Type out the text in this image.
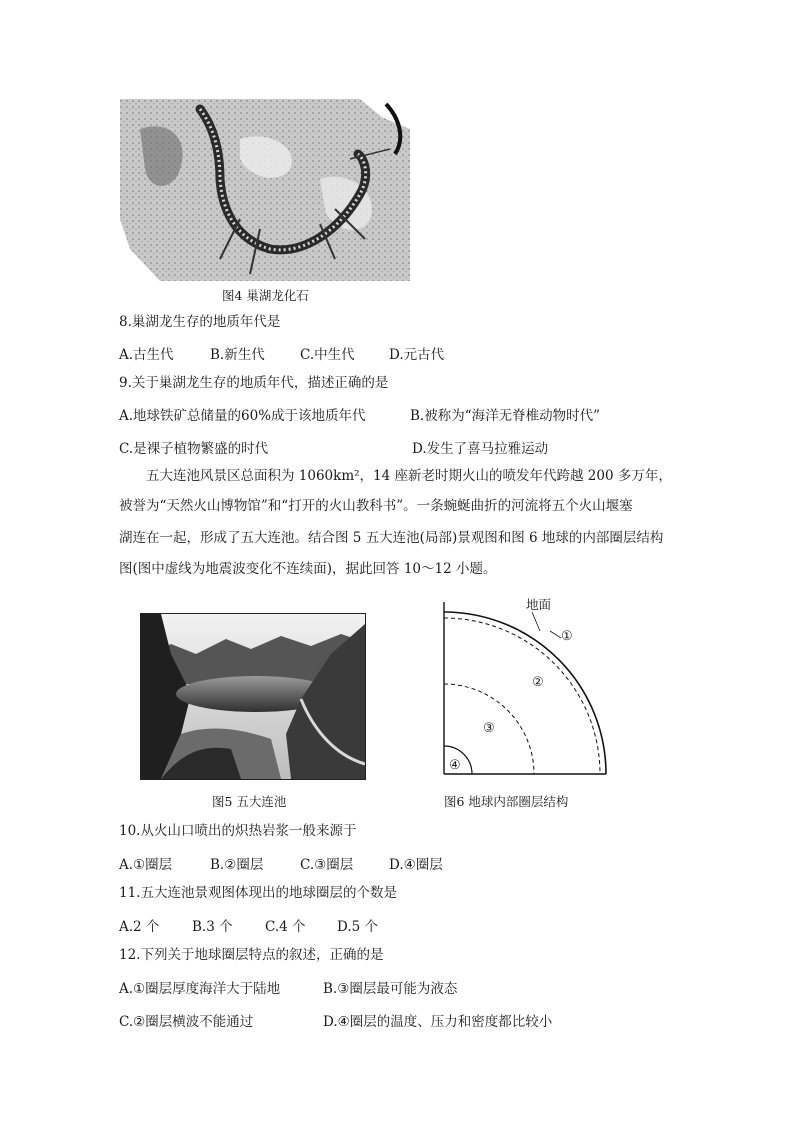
图4 巢湖龙化石
8.巢湖龙生存的地质年代是
A.古生代	B.新生代	C.中生代	D.元古代
9.关于巢湖龙生存的地质年代，描述正确的是
A.地球铁矿总储量的60%成于该地质年代	B.被称为“海洋无脊椎动物时代”
C.是裸子植物繁盛的时代	D.发生了喜马拉雅运动
五大连池风景区总面积为 1060km²，14 座新老时期火山的喷发年代跨越 200 多万年，
被誉为“天然火山博物馆”和“打开的火山教科书”。一条蜿蜒曲折的河流将五个火山堰塞
湖连在一起，形成了五大连池。结合图 5 五大连池(局部)景观图和图 6 地球的内部圈层结构
图(图中虚线为地震波变化不连续面)，据此回答 10～12 小题。
图5 五大连池
地面
①
②
③
④
图6 地球内部圈层结构
10.从火山口喷出的炽热岩浆一般来源于
A.①圈层	B.②圈层	C.③圈层	D.④圈层
11.五大连池景观图体现出的地球圈层的个数是
A.2 个 B.3 个 C.4 个 D.5 个
12.下列关于地球圈层特点的叙述，正确的是
A.①圈层厚度海洋大于陆地	B.③圈层最可能为液态
C.②圈层横波不能通过	D.④圈层的温度、压力和密度都比较小
